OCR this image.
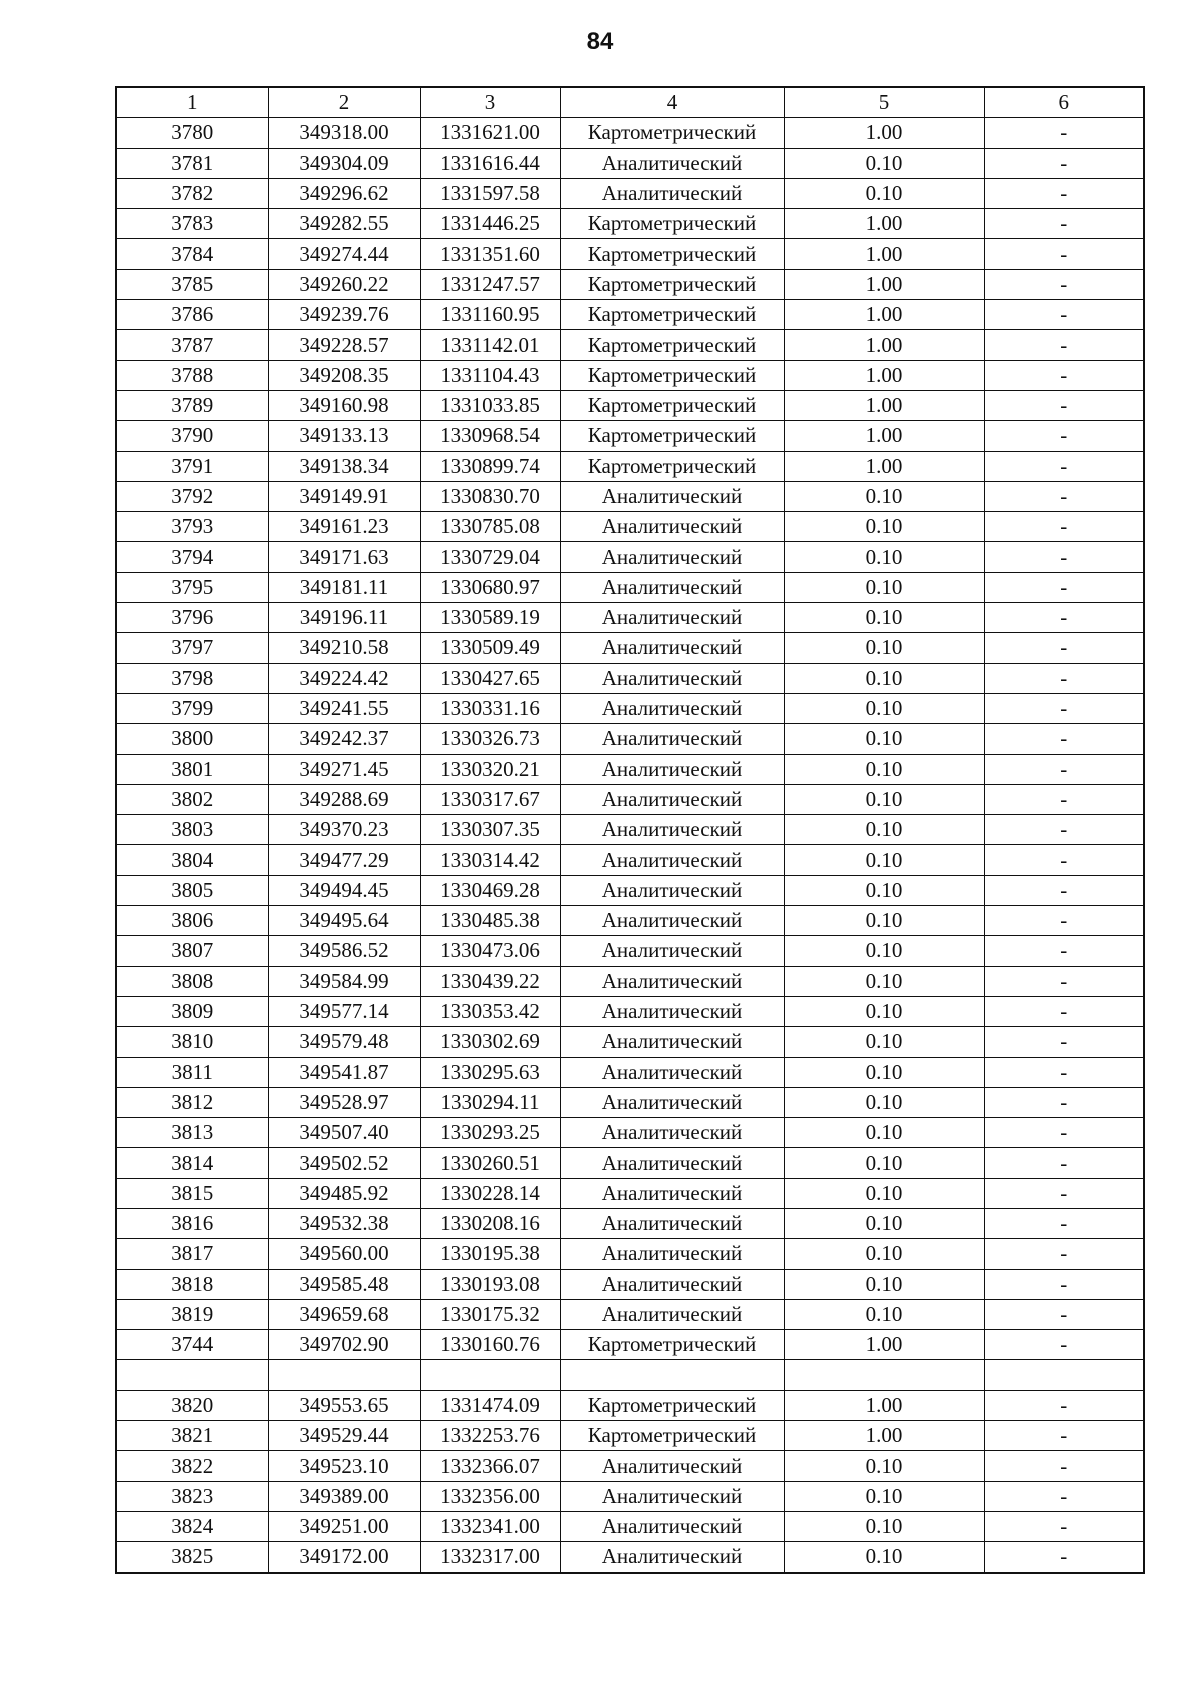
84
1	2	3	4	5	6
3780	349318.00	1331621.00	Картометрический	1.00	-
3781	349304.09	1331616.44	Аналитический	0.10	-
3782	349296.62	1331597.58	Аналитический	0.10	-
3783	349282.55	1331446.25	Картометрический	1.00	-
3784	349274.44	1331351.60	Картометрический	1.00	-
3785	349260.22	1331247.57	Картометрический	1.00	-
3786	349239.76	1331160.95	Картометрический	1.00	-
3787	349228.57	1331142.01	Картометрический	1.00	-
3788	349208.35	1331104.43	Картометрический	1.00	-
3789	349160.98	1331033.85	Картометрический	1.00	-
3790	349133.13	1330968.54	Картометрический	1.00	-
3791	349138.34	1330899.74	Картометрический	1.00	-
3792	349149.91	1330830.70	Аналитический	0.10	-
3793	349161.23	1330785.08	Аналитический	0.10	-
3794	349171.63	1330729.04	Аналитический	0.10	-
3795	349181.11	1330680.97	Аналитический	0.10	-
3796	349196.11	1330589.19	Аналитический	0.10	-
3797	349210.58	1330509.49	Аналитический	0.10	-
3798	349224.42	1330427.65	Аналитический	0.10	-
3799	349241.55	1330331.16	Аналитический	0.10	-
3800	349242.37	1330326.73	Аналитический	0.10	-
3801	349271.45	1330320.21	Аналитический	0.10	-
3802	349288.69	1330317.67	Аналитический	0.10	-
3803	349370.23	1330307.35	Аналитический	0.10	-
3804	349477.29	1330314.42	Аналитический	0.10	-
3805	349494.45	1330469.28	Аналитический	0.10	-
3806	349495.64	1330485.38	Аналитический	0.10	-
3807	349586.52	1330473.06	Аналитический	0.10	-
3808	349584.99	1330439.22	Аналитический	0.10	-
3809	349577.14	1330353.42	Аналитический	0.10	-
3810	349579.48	1330302.69	Аналитический	0.10	-
3811	349541.87	1330295.63	Аналитический	0.10	-
3812	349528.97	1330294.11	Аналитический	0.10	-
3813	349507.40	1330293.25	Аналитический	0.10	-
3814	349502.52	1330260.51	Аналитический	0.10	-
3815	349485.92	1330228.14	Аналитический	0.10	-
3816	349532.38	1330208.16	Аналитический	0.10	-
3817	349560.00	1330195.38	Аналитический	0.10	-
3818	349585.48	1330193.08	Аналитический	0.10	-
3819	349659.68	1330175.32	Аналитический	0.10	-
3744	349702.90	1330160.76	Картометрический	1.00	-

3820	349553.65	1331474.09	Картометрический	1.00	-
3821	349529.44	1332253.76	Картометрический	1.00	-
3822	349523.10	1332366.07	Аналитический	0.10	-
3823	349389.00	1332356.00	Аналитический	0.10	-
3824	349251.00	1332341.00	Аналитический	0.10	-
3825	349172.00	1332317.00	Аналитический	0.10	-
